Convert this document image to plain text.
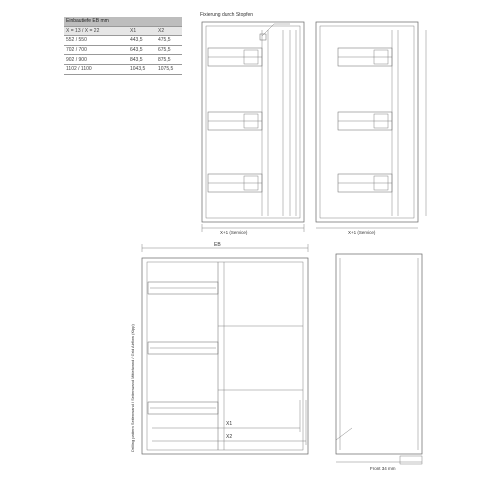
Einbautiefe EB mm		
X = 13 / X = 22	X1	X2
552 / 550	443,5	475,5
702 / 700	643,5	675,5
902 / 900	843,5	875,5
1102 / 1100	1043,5	1075,5
Fixierung durch Stopfen
X+1 (Service)	X+1 (Service)
EB
Front 34 mm
X1
X2
Drilling pattern Seitenwand / Seitenwand Mittelwand / Grid Airflow (Kipp)
